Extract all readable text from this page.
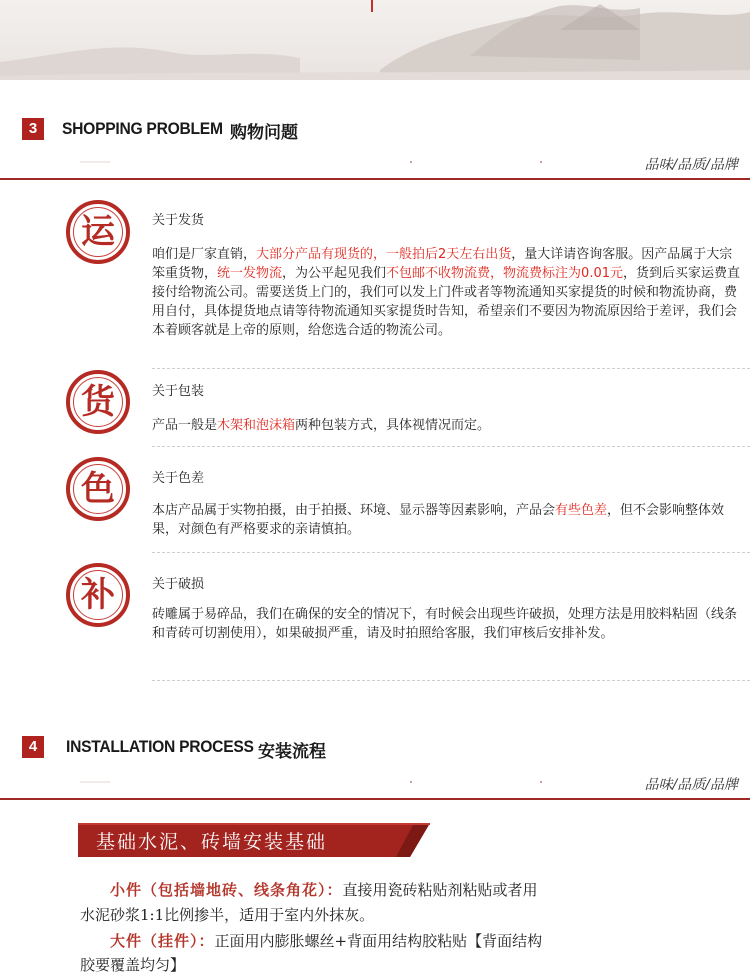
3	SHOPPING PROBLEM 购物问题
品味/品质/品牌
运	关于发货
咱们是厂家直销，大部分产品有现货的，一般拍后2天左右出货，量大详请咨询客服。因产品属于大宗笨重货物，统一发物流，为公平起见我们不包邮不收物流费，物流费标注为0.01元，货到后买家运费直接付给物流公司。需要送货上门的，我们可以发上门件或者等物流通知买家提货的时候和物流协商，费用自付，具体提货地点请等待物流通知买家提货时告知，希望亲们不要因为物流原因给于差评，我们会本着顾客就是上帝的原则，给您选合适的物流公司。
货	关于包装
产品一般是木架和泡沫箱两种包装方式，具体视情况而定。
色	关于色差
本店产品属于实物拍摄，由于拍摄、环境、显示器等因素影响，产品会有些色差，但不会影响整体效果，对颜色有严格要求的亲请慎拍。
补	关于破损
砖雕属于易碎品，我们在确保的安全的情况下，有时候会出现些许破损，处理方法是用胶料粘固（线条和青砖可切割使用），如果破损严重，请及时拍照给客服，我们审核后安排补发。
4	INSTALLATION PROCESS 安装流程
品味/品质/品牌
基础水泥、砖墙安装基础
小件（包括墙地砖、线条角花）：直接用瓷砖粘贴剂粘贴或者用
水泥砂浆1:1比例掺半，适用于室内外抹灰。
大件（挂件）：正面用内膨胀螺丝+背面用结构胶粘贴【背面结构
胶要覆盖均匀】
